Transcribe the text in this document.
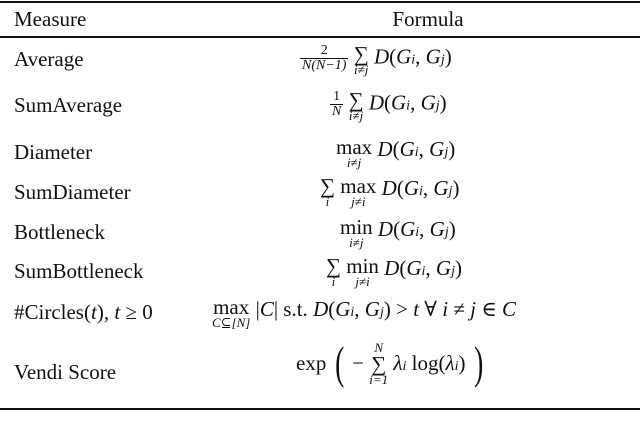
Measure	Formula
Average
SumAverage
Diameter
SumDiameter
Bottleneck
SumBottleneck
#Circles(t), t ≥ 0
Vendi Score
$\frac{2}{N(N-1)}$
∑
i≠j
D(Gi, Gj)
$\frac{1}{N}$
∑
i≠j
D(Gi, Gj)
max
i≠j
D(Gi, Gj)
∑
i

max
j≠i
D(Gi, Gj)
min
i≠j
D(Gi, Gj)
∑
i

min
j≠i
D(Gi, Gj)
max
C⊆[N]
|C| s.t. D(Gi, Gj) > t ∀ i ≠ j ∈ C
exp ( −
N
∑
i=1
λi log(λi) )
